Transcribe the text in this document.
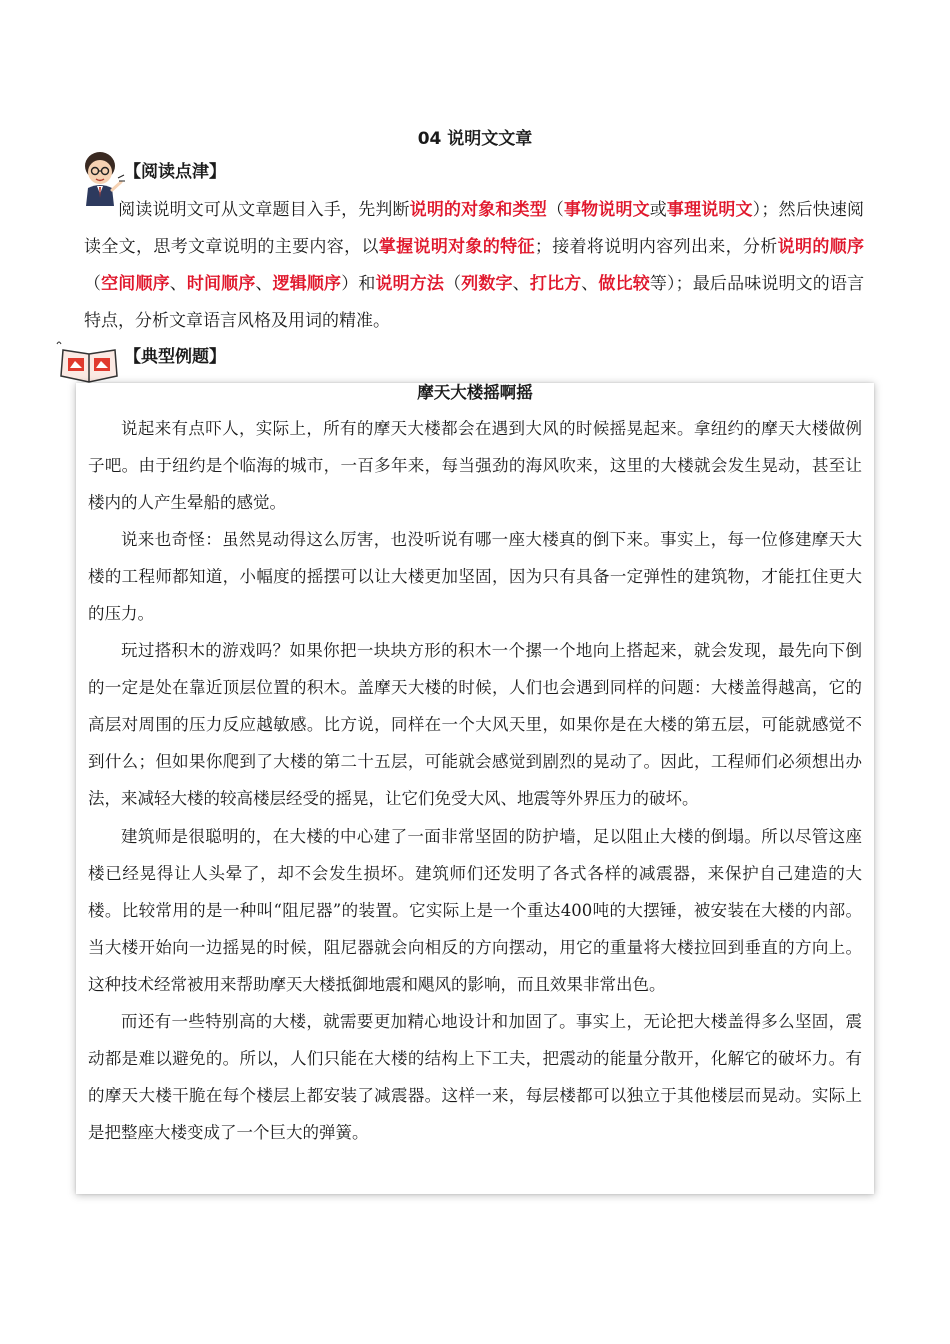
04 说明文文章
【阅读点津】
阅读说明文可从文章题目入手，先判断说明的对象和类型（事物说明文或事理说明文）；然后快速阅读全文，思考文章说明的主要内容，以掌握说明对象的特征；接着将说明内容列出来，分析说明的顺序（空间顺序、时间顺序、逻辑顺序）和说明方法（列数字、打比方、做比较等）；最后品味说明文的语言特点，分析文章语言风格及用词的精准。
【典型例题】
摩天大楼摇啊摇

说起来有点吓人，实际上，所有的摩天大楼都会在遇到大风的时候摇晃起来。拿纽约的摩天大楼做例子吧。由于纽约是个临海的城市，一百多年来，每当强劲的海风吹来，这里的大楼就会发生晃动，甚至让楼内的人产生晕船的感觉。

说来也奇怪：虽然晃动得这么厉害，也没听说有哪一座大楼真的倒下来。事实上，每一位修建摩天大楼的工程师都知道，小幅度的摇摆可以让大楼更加坚固，因为只有具备一定弹性的建筑物，才能扛住更大的压力。

玩过搭积木的游戏吗？如果你把一块块方形的积木一个摞一个地向上搭起来，就会发现，最先向下倒的一定是处在靠近顶层位置的积木。盖摩天大楼的时候，人们也会遇到同样的问题：大楼盖得越高，它的高层对周围的压力反应越敏感。比方说，同样在一个大风天里，如果你是在大楼的第五层，可能就感觉不到什么；但如果你爬到了大楼的第二十五层，可能就会感觉到剧烈的晃动了。因此，工程师们必须想出办法，来减轻大楼的较高楼层经受的摇晃，让它们免受大风、地震等外界压力的破坏。

建筑师是很聪明的，在大楼的中心建了一面非常坚固的防护墙，足以阻止大楼的倒塌。所以尽管这座楼已经晃得让人头晕了，却不会发生损坏。建筑师们还发明了各式各样的减震器，来保护自己建造的大楼。比较常用的是一种叫“阻尼器”的装置。它实际上是一个重达400吨的大摆锤，被安装在大楼的内部。当大楼开始向一边摇晃的时候，阻尼器就会向相反的方向摆动，用它的重量将大楼拉回到垂直的方向上。这种技术经常被用来帮助摩天大楼抵御地震和飓风的影响，而且效果非常出色。

而还有一些特别高的大楼，就需要更加精心地设计和加固了。事实上，无论把大楼盖得多么坚固，震动都是难以避免的。所以，人们只能在大楼的结构上下工夫，把震动的能量分散开，化解它的破坏力。有的摩天大楼干脆在每个楼层上都安装了减震器。这样一来，每层楼都可以独立于其他楼层而晃动。实际上是把整座大楼变成了一个巨大的弹簧。
